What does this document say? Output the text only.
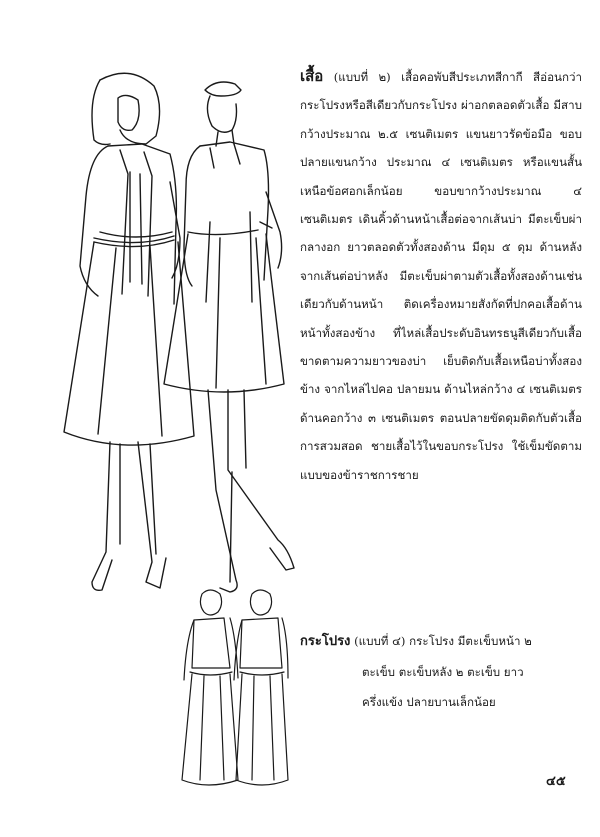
เสื้อ (แบบที่ ๒) เสื้อคอพับสีประเภทสีกากี สีอ่อนกว่ากระโปรงหรือสีเดียวกับกระโปรง ผ่าอกตลอดตัวเสื้อ มีสาบกว้างประมาณ ๒.๕ เซนติเมตร แขนยาวรัดข้อมือ ขอบปลายแขนกว้าง ประมาณ ๔ เซนติเมตร หรือแขนสั้น เหนือข้อศอกเล็กน้อย ขอบขากว้างประมาณ ๔ เซนติเมตร เดินคิ้วด้านหน้าเสื้อต่อจากเส้นบ่า มีตะเข็บผ่ากลางอก ยาวตลอดตัวทั้งสองด้าน มีดุม ๕ ดุม ด้านหลังจากเส้นต่อบ่าหลัง มีตะเข็บผ่าตามตัวเสื้อทั้งสองด้านเช่นเดียวกับด้านหน้า ติดเครื่องหมายสังกัดที่ปกคอเสื้อด้านหน้าทั้งสองข้าง ที่ไหล่เสื้อประดับอินทรธนูสีเดียวกับเสื้อ ขาดตามความยาวของบ่า เย็บติดกับเสื้อเหนือบ่าทั้งสองข้าง จากไหล่ไปคอ ปลายมน ด้านไหล่กว้าง ๔ เซนติเมตร ด้านคอกว้าง ๓ เซนติเมตร ตอนปลายขัดดุมติดกับตัวเสื้อการสวมสอด ชายเสื้อไว้ในขอบกระโปรง ใช้เข็มขัดตามแบบของข้าราชการชาย
กระโปรง (แบบที่ ๔) กระโปรง มีตะเข็บหน้า ๒
ตะเข็บ ตะเข็บหลัง ๒ ตะเข็บ ยาว
ครึ่งแข้ง ปลายบานเล็กน้อย
๔๕
